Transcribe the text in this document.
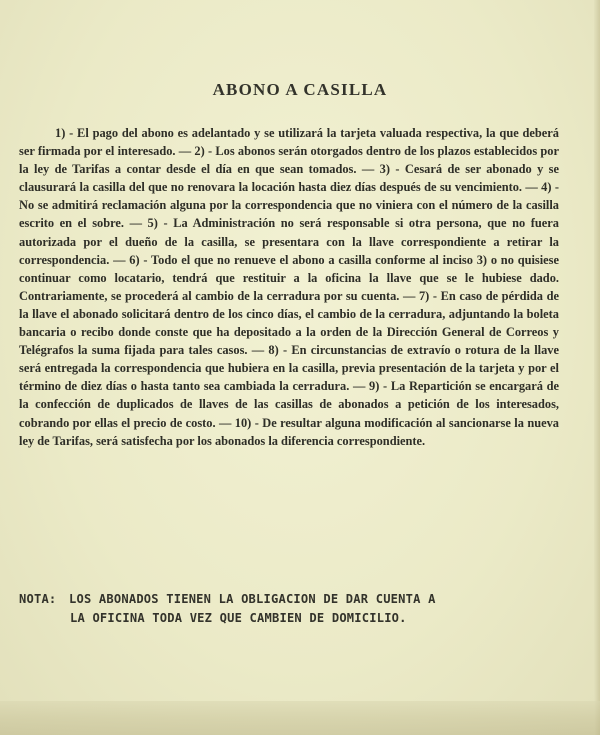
ABONO A CASILLA

1) - El pago del abono es adelantado y se utilizará la tarjeta valuada respectiva, la que deberá ser firmada por el interesado. — 2) - Los abonos serán otorgados dentro de los plazos establecidos por la ley de Tarifas a contar desde el día en que sean tomados. — 3) - Cesará de ser abonado y se clausurará la casilla del que no renovara la locación hasta diez días después de su vencimiento. — 4) - No se admitirá reclamación alguna por la correspondencia que no viniera con el número de la casilla escrito en el sobre. — 5) - La Administración no será responsable si otra persona, que no fuera autorizada por el dueño de la casilla, se presentara con la llave correspondiente a retirar la correspondencia. — 6) - Todo el que no renueve el abono a casilla conforme al inciso 3) o no quisiese continuar como locatario, tendrá que restituir a la oficina la llave que se le hubiese dado. Contrariamente, se procederá al cambio de la cerradura por su cuenta. — 7) - En caso de pérdida de la llave el abonado solicitará dentro de los cinco días, el cambio de la cerradura, adjuntando la boleta bancaria o recibo donde conste que ha depositado a la orden de la Dirección General de Correos y Telégrafos la suma fijada para tales casos. — 8) - En circunstancias de extravío o rotura de la llave será entregada la correspondencia que hubiera en la casilla, previa presentación de la tarjeta y por el término de diez días o hasta tanto sea cambiada la cerradura. — 9) - La Repartición se encargará de la confección de duplicados de llaves de las casillas de abonados a petición de los interesados, cobrando por ellas el precio de costo. — 10) - De resultar alguna modificación al sancionarse la nueva ley de Tarifas, será satisfecha por los abonados la diferencia correspondiente.

NOTA: LOS ABONADOS TIENEN LA OBLIGACION DE DAR CUENTA A
LA OFICINA TODA VEZ QUE CAMBIEN DE DOMICILIO.
